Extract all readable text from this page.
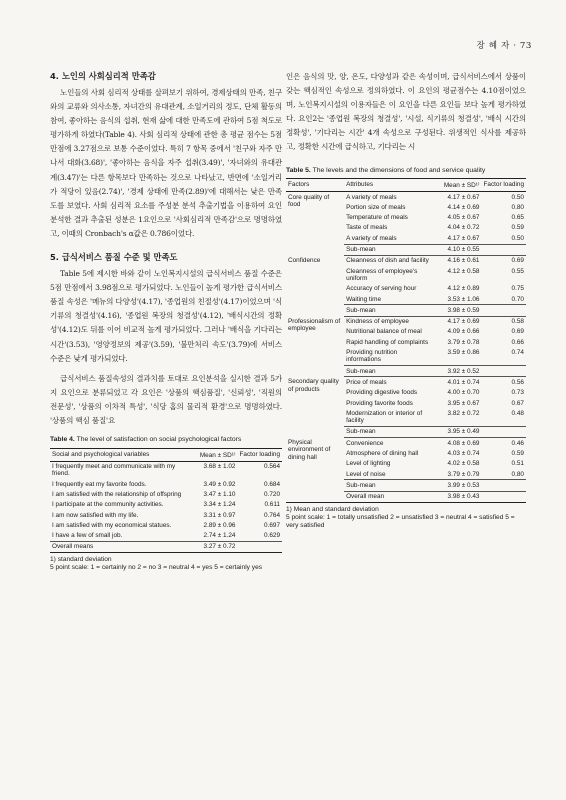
장 혜 자 · 73
4. 노인의 사회심리적 만족감

노인들의 사회 심리적 상태를 살펴보기 위하여, 경제상태의 만족, 친구와의 교류와 의사소통, 자녀간의 유대관계, 소일거리의 정도, 단체 활동의 참여, 좋아하는 음식의 섭취, 현재 삶에 대한 만족도에 관하여 5점 척도로 평가하게 하였다(Table 4). 사회 심리적 상태에 관한 총 평균 점수는 5점 만점에 3.27점으로 보통 수준이었다. 특히 7 항목 중에서 '친구와 자주 만나서 대화(3.68)', '좋아하는 음식을 자주 섭취(3.49)', '자녀와의 유대관계(3.47)'는 다른 항목보다 만족하는 것으로 나타났고, 반면에 '소일거리가 적당이 있음(2.74)', '경제 상태에 만족(2.89)'에 대해서는 낮은 만족도를 보였다. 사회 심리적 요소를 주성분 분석 추출기법을 이용하여 요인 분석한 결과 추출된 성분은 1요인으로 '사회심리적 만족감'으로 명명하였고, 이때의 Cronbach's α값은 0.786이었다.

5. 급식서비스 품질 수준 및 만족도

Table 5에 제시한 바와 같이 노인복지시설의 급식서비스 품질 수준은 5점 만점에서 3.98점으로 평가되었다. 노인들이 높게 평가한 급식서비스 품질 속성은 '메뉴의 다양성'(4.17), '종업원의 친절성'(4.17)이었으며 '식기류의 청결성'(4.16), '종업원 복장의 청결성'(4.12), '배식시간의 정확성'(4.12)도 뒤를 이어 비교적 높게 평가되었다. 그러나 '배식을 기다리는 시간'(3.53), '영양정보의 제공'(3.59), '불만처리 속도'(3.79)에 서비스 수준은 낮게 평가되었다.

급식서비스 품질속성의 결과치를 토대로 요인분석을 실시한 결과 5가지 요인으로 분류되었고 각 요인은 '상품의 핵심품질', '신뢰성', '직원의 전문성', '상품의 이차적 특성', '식당 홈의 물리적 환경'으로 명명하였다. '상품의 핵심 품질'요

Table 4. The level of satisfaction on social psychological factors
Social and psychological variables	Mean ± SD¹⁾	Factor loading
I frequently meet and communicate with my friend.	3.68 ± 1.02	0.564
I frequently eat my favorite foods.	3.49 ± 0.92	0.684
I am satisfied with the relationship of offspring	3.47 ± 1.10	0.720
I participate at the community activities.	3.34 ± 1.24	0.611
I am now satisfied with my life.	3.31 ± 0.97	0.764
I am satisfied with my economical statues.	2.89 ± 0.96	0.697
I have a few of small job.	2.74 ± 1.24	0.629
Overall means	3.27 ± 0.72	
1) standard deviation
5 point scale: 1 = certainly no 2 = no 3 = neutral 4 = yes 5 = certainly yes

인은 음식의 맛, 양, 온도, 다양성과 같은 속성이며, 급식서비스에서 상품이 갖는 핵심적인 속성으로 정의하였다. 이 요인의 평균점수는 4.10점이었으며, 노인복지시설의 이용자들은 이 요인을 다른 요인들 보다 높게 평가하였다. 요인2는 '종업원 복장의 청결성', '시설, 식기류의 청결성', '배식 시간의 정확성', '기다리는 시간' 4개 속성으로 구성된다. 위생적인 식사를 제공하고, 정확한 시간에 급식하고, 기다리는 시

Table 5. The levels and the dimensions of food and service quality
Factors	Attributes	Mean ± SD¹⁾	Factor loading
Core quality of food	A variety of meals	4.17 ± 0.67	0.50
	Portion size of meals	4.14 ± 0.69	0.80
	Temperature of meals	4.05 ± 0.67	0.65
	Taste of meals	4.04 ± 0.72	0.59
	A variety of meals	4.17 ± 0.67	0.50
	Sub-mean	4.10 ± 0.55	
Confidence	Cleanness of dish and facility	4.16 ± 0.61	0.69
	Cleanness of employee's uniform	4.12 ± 0.58	0.55
	Accuracy of serving hour	4.12 ± 0.89	0.75
	Waiting time	3.53 ± 1.06	0.70
	Sub-mean	3.98 ± 0.59	
Professionalism of employee	Kindness of employee	4.17 ± 0.69	0.58
	Nutritional balance of meal	4.09 ± 0.66	0.69
	Rapid handling of complaints	3.79 ± 0.78	0.66
	Providing nutrition informations	3.59 ± 0.86	0.74
	Sub-mean	3.92 ± 0.52	
Secondary quality of products	Price of meals	4.01 ± 0.74	0.56
	Providing digestive foods	4.00 ± 0.70	0.73
	Providing favorite foods	3.95 ± 0.67	0.67
	Modernization or interior of facility	3.82 ± 0.72	0.48
	Sub-mean	3.95 ± 0.49	
Physical environment of dining hall	Convenience	4.08 ± 0.69	0.46
	Atmosphere of dining hall	4.03 ± 0.74	0.59
	Level of lighting	4.02 ± 0.58	0.51
	Level of noise	3.79 ± 0.79	0.80
	Sub-mean	3.99 ± 0.53	
	Overall mean	3.98 ± 0.43	
1) Mean and standard deviation
5 point scale: 1 = totally unsatisfied 2 = unsatisfied 3 = neutral 4 = satisfied 5 = very satisfied
